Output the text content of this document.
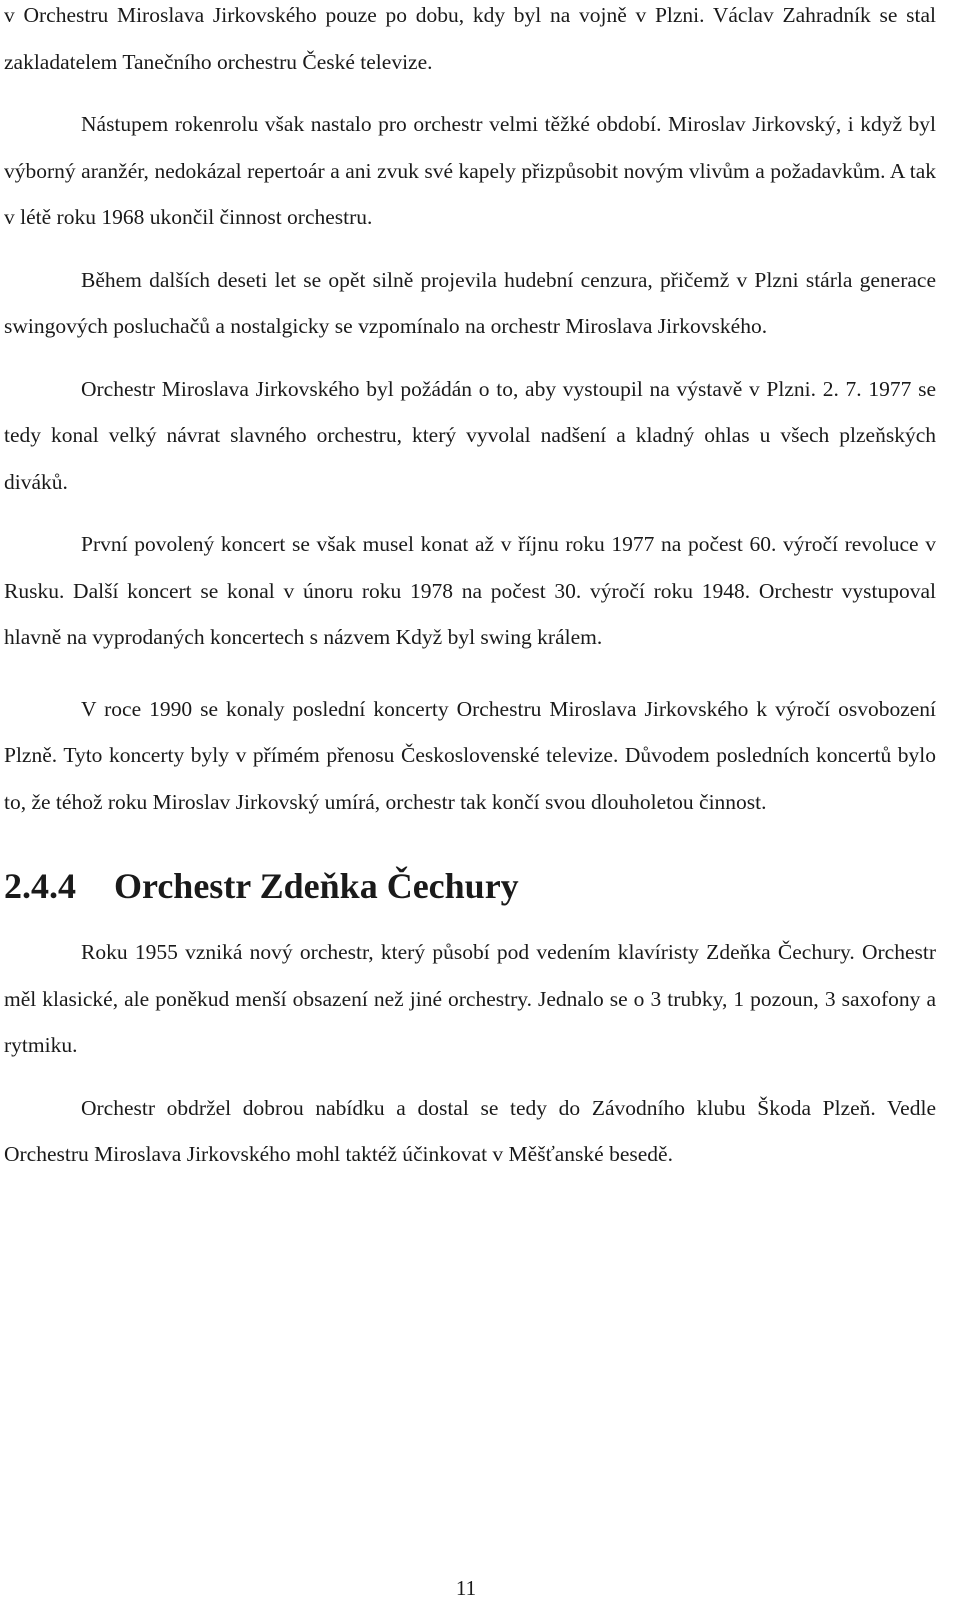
v Orchestru Miroslava Jirkovského pouze po dobu, kdy byl na vojně v Plzni. Václav Zahradník se stal zakladatelem Tanečního orchestru České televize.

Nástupem rokenrolu však nastalo pro orchestr velmi těžké období. Miroslav Jirkovský, i když byl výborný aranžér, nedokázal repertoár a ani zvuk své kapely přizpůsobit novým vlivům a požadavkům. A tak v létě roku 1968 ukončil činnost orchestru.

Během dalších deseti let se opět silně projevila hudební cenzura, přičemž v Plzni stárla generace swingových posluchačů a nostalgicky se vzpomínalo na orchestr Miroslava Jirkovského.

Orchestr Miroslava Jirkovského byl požádán o to, aby vystoupil na výstavě v Plzni. 2. 7. 1977 se tedy konal velký návrat slavného orchestru, který vyvolal nadšení a kladný ohlas u všech plzeňských diváků.

První povolený koncert se však musel konat až v říjnu roku 1977 na počest 60. výročí revoluce v Rusku. Další koncert se konal v únoru roku 1978 na počest 30. výročí roku 1948. Orchestr vystupoval hlavně na vyprodaných koncertech s názvem Když byl swing králem.

V roce 1990 se konaly poslední koncerty Orchestru Miroslava Jirkovského k výročí osvobození Plzně. Tyto koncerty byly v přímém přenosu Československé televize. Důvodem posledních koncertů bylo to, že téhož roku Miroslav Jirkovský umírá, orchestr tak končí svou dlouholetou činnost.

2.4.4 Orchestr Zdeňka Čechury

Roku 1955 vzniká nový orchestr, který působí pod vedením klavíristy Zdeňka Čechury. Orchestr měl klasické, ale poněkud menší obsazení než jiné orchestry. Jednalo se o 3 trubky, 1 pozoun, 3 saxofony a rytmiku.

Orchestr obdržel dobrou nabídku a dostal se tedy do Závodního klubu Škoda Plzeň. Vedle Orchestru Miroslava Jirkovského mohl taktéž účinkovat v Měšťanské besedě.

11
